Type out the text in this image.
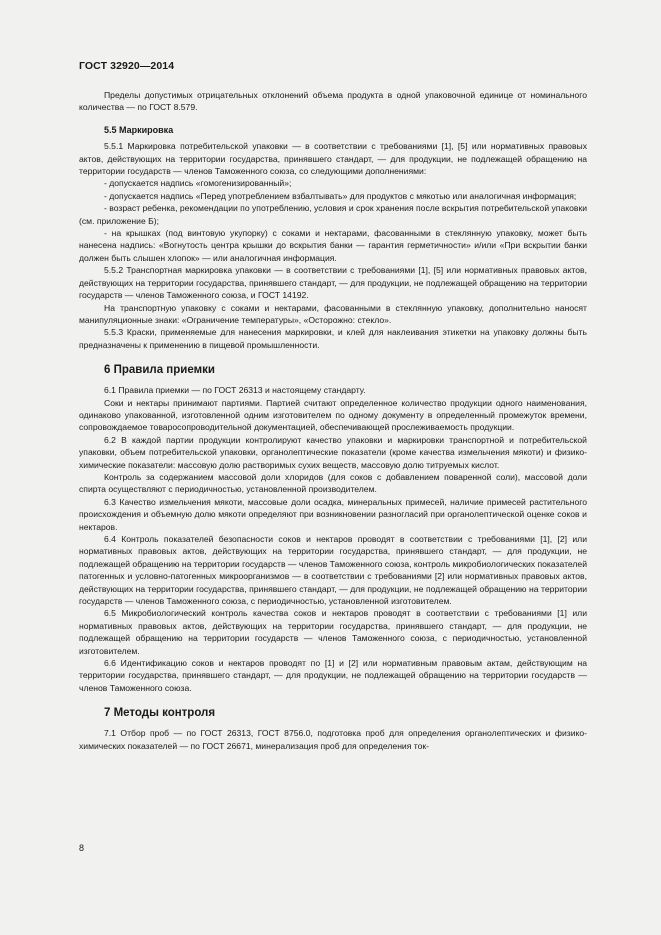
ГОСТ 32920—2014

Пределы допустимых отрицательных отклонений объема продукта в одной упаковочной единице от номинального количества — по ГОСТ 8.579.

5.5 Маркировка

5.5.1 Маркировка потребительской упаковки — в соответствии с требованиями [1], [5] или нормативных правовых актов, действующих на территории государства, принявшего стандарт, — для продукции, не подлежащей обращению на территории государств — членов Таможенного союза, со следующими дополнениями:

- допускается надпись «гомогенизированный»;

- допускается надпись «Перед употреблением взбалтывать» для продуктов с мякотью или аналогичная информация;

- возраст ребенка, рекомендации по употреблению, условия и срок хранения после вскрытия потребительской упаковки (см. приложение Б);

- на крышках (под винтовую укупорку) с соками и нектарами, фасованными в стеклянную упаковку, может быть нанесена надпись: «Вогнутость центра крышки до вскрытия банки — гарантия герметичности» и/или «При вскрытии банки должен быть слышен хлопок» — или аналогичная информация.

5.5.2 Транспортная маркировка упаковки — в соответствии с требованиями [1], [5] или нормативных правовых актов, действующих на территории государства, принявшего стандарт, — для продукции, не подлежащей обращению на территории государств — членов Таможенного союза, и ГОСТ 14192.

На транспортную упаковку с соками и нектарами, фасованными в стеклянную упаковку, дополнительно наносят манипуляционные знаки: «Ограничение температуры», «Осторожно: стекло».

5.5.3 Краски, применяемые для нанесения маркировки, и клей для наклеивания этикетки на упаковку должны быть предназначены к применению в пищевой промышленности.

6 Правила приемки

6.1 Правила приемки — по ГОСТ 26313 и настоящему стандарту.

Соки и нектары принимают партиями. Партией считают определенное количество продукции одного наименования, одинаково упакованной, изготовленной одним изготовителем по одному документу в определенный промежуток времени, сопровождаемое товаросопроводительной документацией, обеспечивающей прослеживаемость продукции.

6.2 В каждой партии продукции контролируют качество упаковки и маркировки транспортной и потребительской упаковки, объем потребительской упаковки, органолептические показатели (кроме качества измельчения мякоти) и физико-химические показатели: массовую долю растворимых сухих веществ, массовую долю титруемых кислот.

Контроль за содержанием массовой доли хлоридов (для соков с добавлением поваренной соли), массовой доли спирта осуществляют с периодичностью, установленной производителем.

6.3 Качество измельчения мякоти, массовые доли осадка, минеральных примесей, наличие примесей растительного происхождения и объемную долю мякоти определяют при возникновении разногласий при органолептической оценке соков и нектаров.

6.4 Контроль показателей безопасности соков и нектаров проводят в соответствии с требованиями [1], [2] или нормативных правовых актов, действующих на территории государства, принявшего стандарт, — для продукции, не подлежащей обращению на территории государств — членов Таможенного союза, контроль микробиологических показателей патогенных и условно-патогенных микроорганизмов — в соответствии с требованиями [2] или нормативных правовых актов, действующих на территории государства, принявшего стандарт, — для продукции, не подлежащей обращению на территории государств — членов Таможенного союза, с периодичностью, установленной изготовителем.

6.5 Микробиологический контроль качества соков и нектаров проводят в соответствии с требованиями [1] или нормативных правовых актов, действующих на территории государства, принявшего стандарт, — для продукции, не подлежащей обращению на территории государств — членов Таможенного союза, с периодичностью, установленной изготовителем.

6.6 Идентификацию соков и нектаров проводят по [1] и [2] или нормативным правовым актам, действующим на территории государства, принявшего стандарт, — для продукции, не подлежащей обращению на территории государств — членов Таможенного союза.

7 Методы контроля

7.1 Отбор проб — по ГОСТ 26313, ГОСТ 8756.0, подготовка проб для определения органолептических и физико-химических показателей — по ГОСТ 26671, минерализация проб для определения ток-

8
